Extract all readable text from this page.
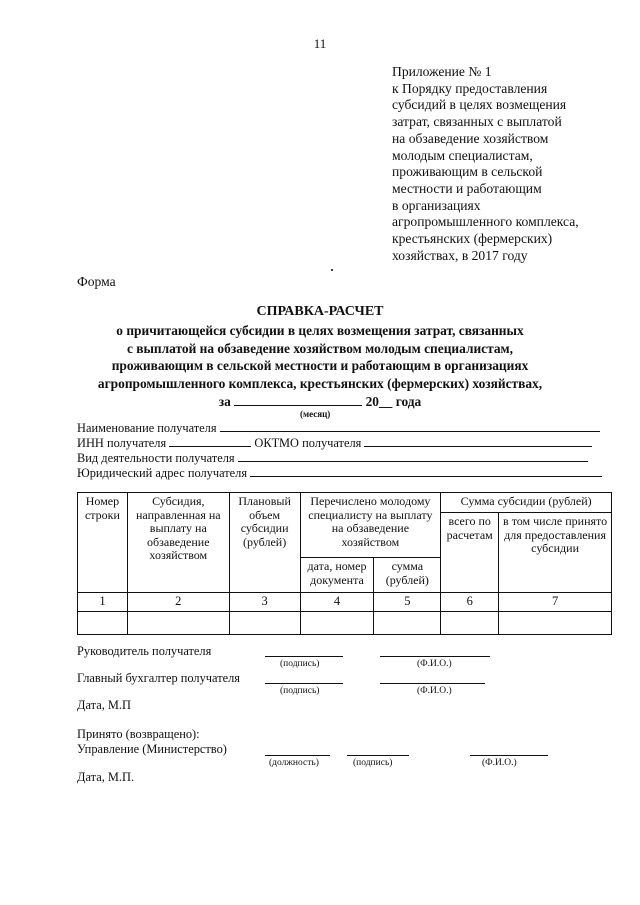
11
Приложение № 1
к Порядку предоставления
субсидий в целях возмещения
затрат, связанных с выплатой
на обзаведение хозяйством
молодым специалистам,
проживающим в сельской
местности и работающим
в организациях
агропромышленного комплекса,
крестьянских (фермерских)
хозяйствах, в 2017 году
Форма
СПРАВКА-РАСЧЕТ
о причитающейся субсидии в целях возмещения затрат, связанных
с выплатой на обзаведение хозяйством молодым специалистам,
проживающим в сельской местности и работающим в организациях
агропромышленного комплекса, крестьянских (фермерских) хозяйствах,
за	20__ года
(месяц)
Наименование получателя
ИНН получателя	ОКТМО получателя
Вид деятельности получателя
Юридический адрес получателя
Номер строки	Субсидия, направленная на выплату на обзаведение хозяйством	Плановый объем субсидии (рублей)	Перечислено молодому специалисту на выплату на обзаведение хозяйством		Сумма субсидии (рублей)	
					всего по расчетам	в том числе принято для предоставления субсидии
			дата, номер документа	сумма (рублей)		
1	2	3	4	5	6	7

Руководитель получателя
(подпись)	(Ф.И.О.)
Главный бухгалтер получателя
(подпись)	(Ф.И.О.)
Дата, М.П
Принято (возвращено):
Управление (Министерство)
(должность)	(подпись)	(Ф.И.О.)
Дата, М.П.
